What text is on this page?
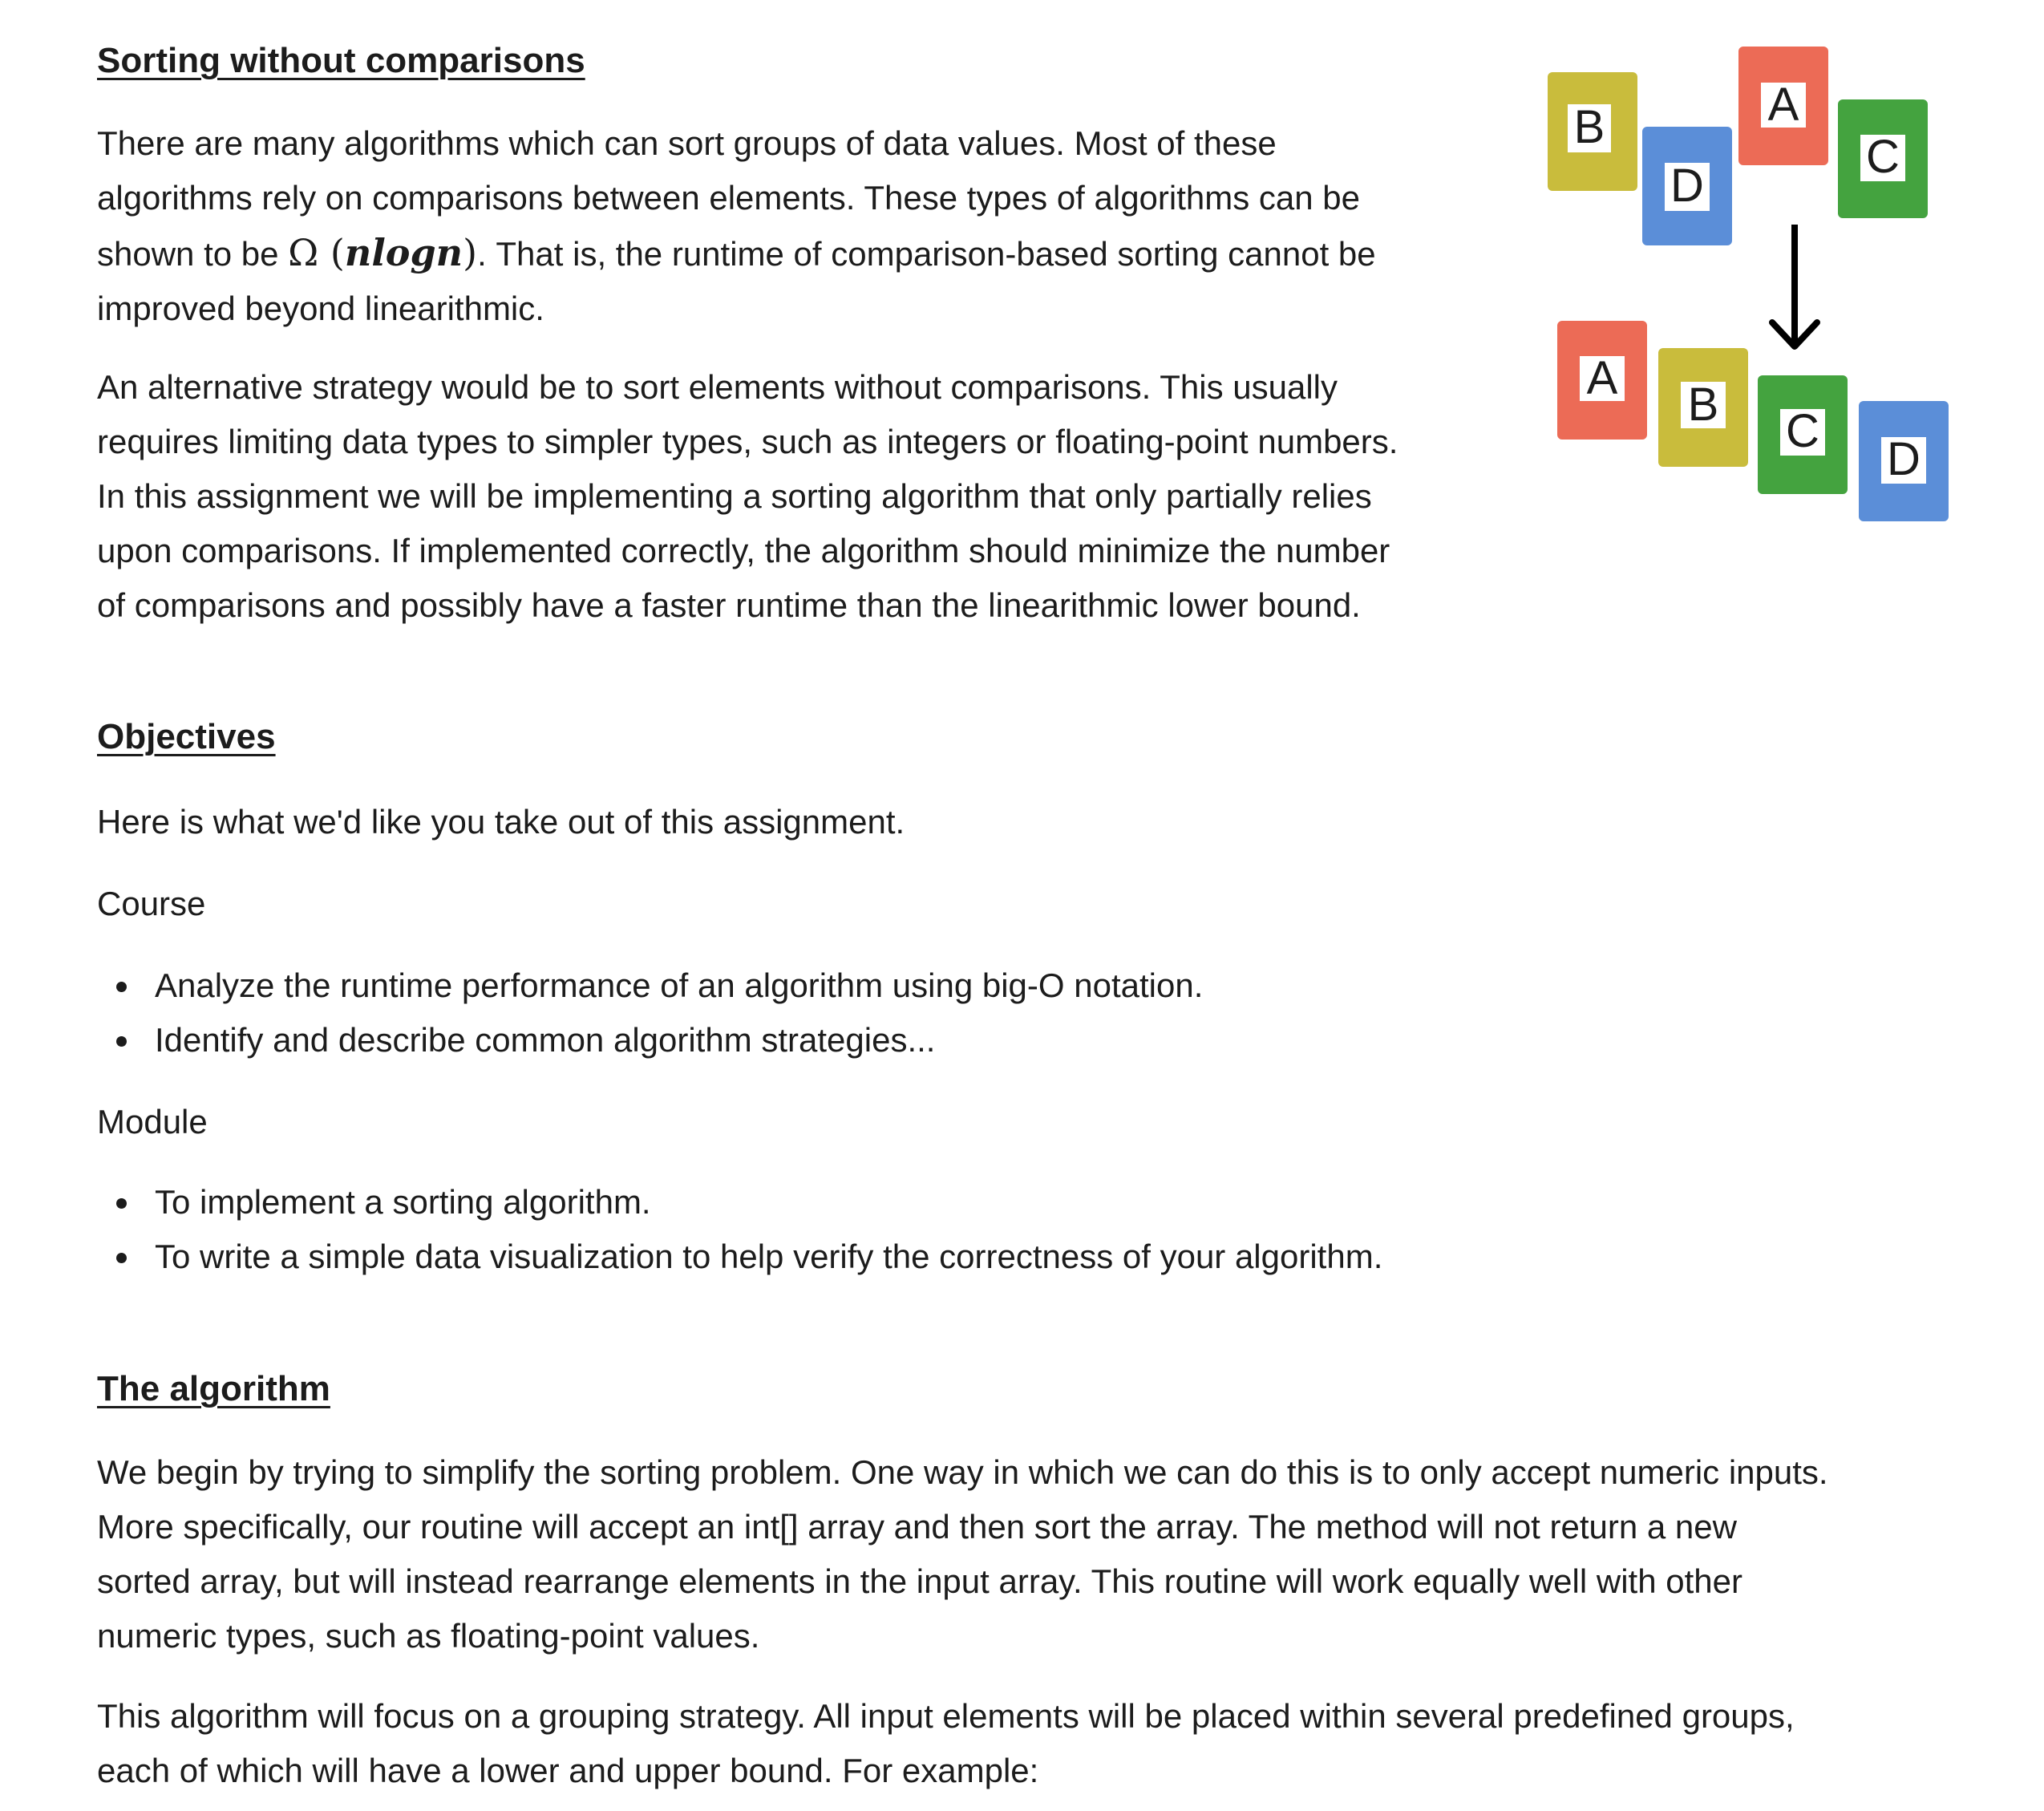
Sorting without comparisons

There are many algorithms which can sort groups of data values. Most of these
algorithms rely on comparisons between elements. These types of algorithms can be
shown to be Ω (nlogn). That is, the runtime of comparison-based sorting cannot be
improved beyond linearithmic.

An alternative strategy would be to sort elements without comparisons. This usually
requires limiting data types to simpler types, such as integers or floating-point numbers.
In this assignment we will be implementing a sorting algorithm that only partially relies
upon comparisons. If implemented correctly, the algorithm should minimize the number
of comparisons and possibly have a faster runtime than the linearithmic lower bound.

B
D
A
C
A
B
C
D
Objectives

Here is what we'd like you take out of this assignment.

Course

Analyze the runtime performance of an algorithm using big-O notation.
Identify and describe common algorithm strategies...

Module

To implement a sorting algorithm.
To write a simple data visualization to help verify the correctness of your algorithm.
The algorithm

We begin by trying to simplify the sorting problem. One way in which we can do this is to only accept numeric inputs.
More specifically, our routine will accept an int[] array and then sort the array. The method will not return a new
sorted array, but will instead rearrange elements in the input array. This routine will work equally well with other
numeric types, such as floating-point values.

This algorithm will focus on a grouping strategy. All input elements will be placed within several predefined groups,
each of which will have a lower and upper bound. For example:
